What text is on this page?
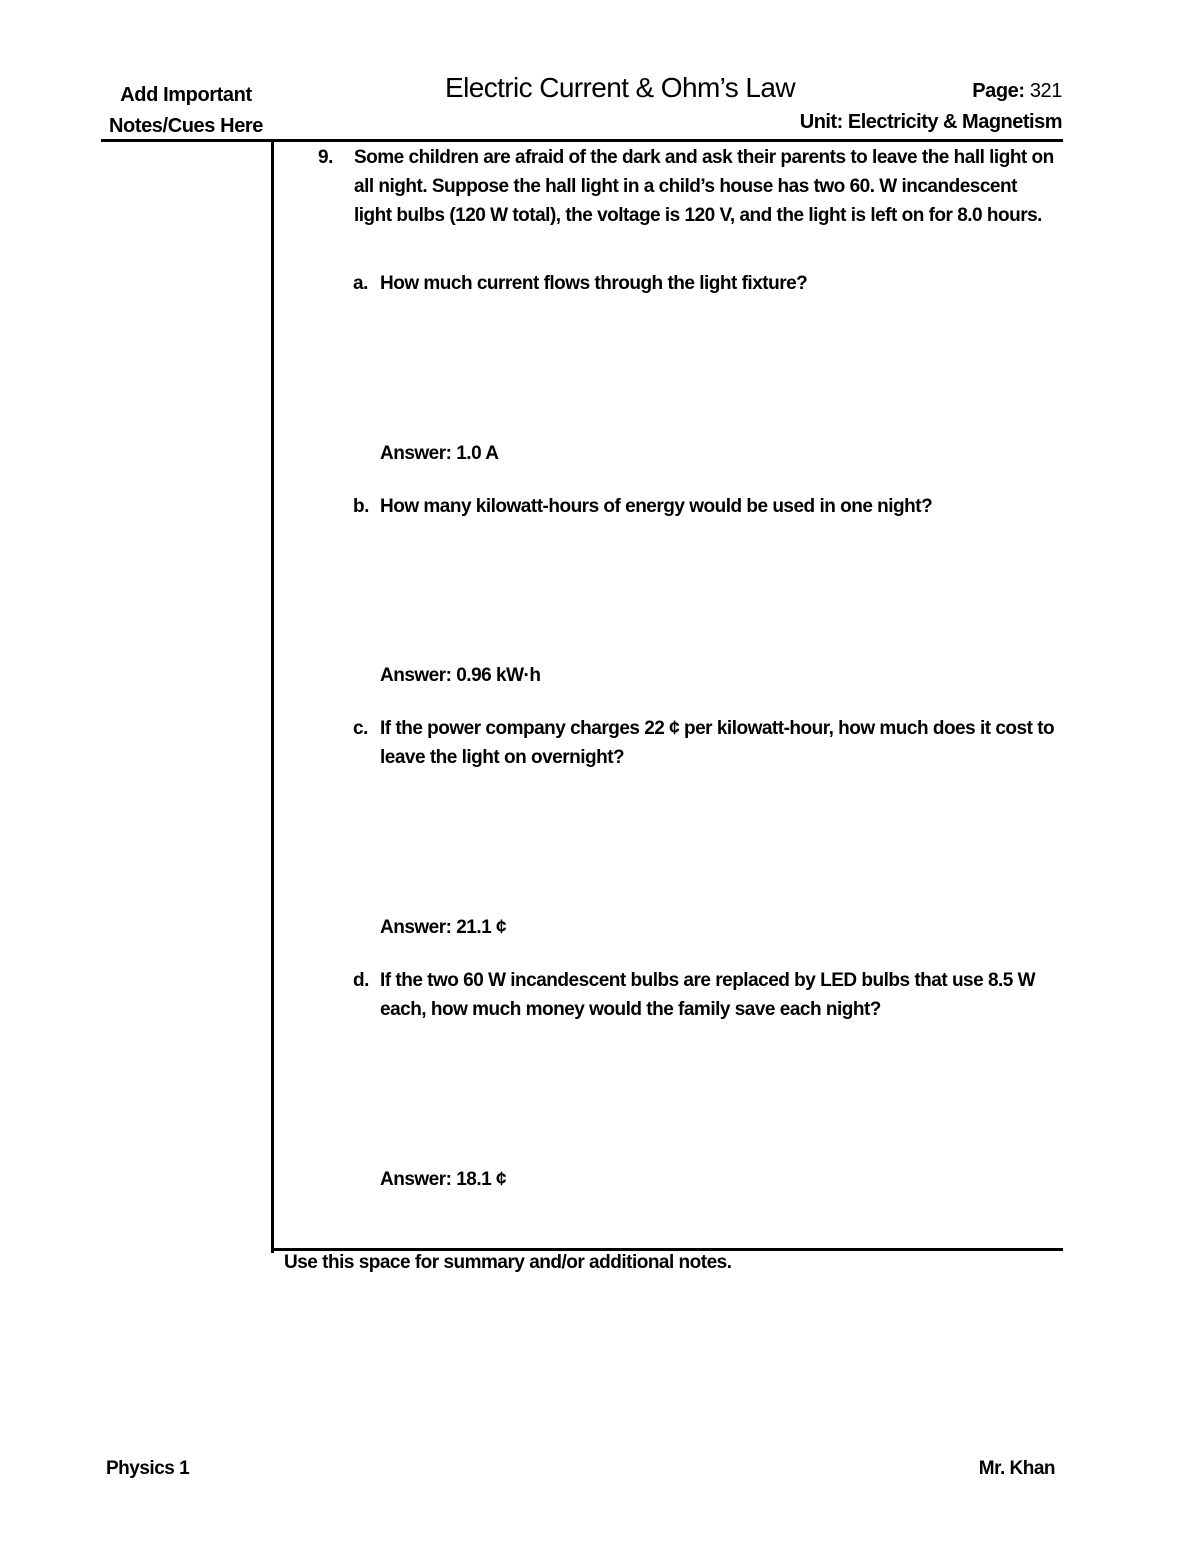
Add Important
Notes/Cues Here
Electric Current & Ohm’s Law	Page: 321
Unit: Electricity & Magnetism
9. Some children are afraid of the dark and ask their parents to leave the hall light on all night. Suppose the hall light in a child’s house has two 60. W incandescent light bulbs (120 W total), the voltage is 120 V, and the light is left on for 8.0 hours.
a. How much current flows through the light fixture?
Answer: 1.0 A
b. How many kilowatt-hours of energy would be used in one night?
Answer: 0.96 kW·h
c. If the power company charges 22 ¢ per kilowatt-hour, how much does it cost to leave the light on overnight?
Answer: 21.1 ¢
d. If the two 60 W incandescent bulbs are replaced by LED bulbs that use 8.5 W each, how much money would the family save each night?
Answer: 18.1 ¢
Use this space for summary and/or additional notes.
Physics 1	Mr. Khan
